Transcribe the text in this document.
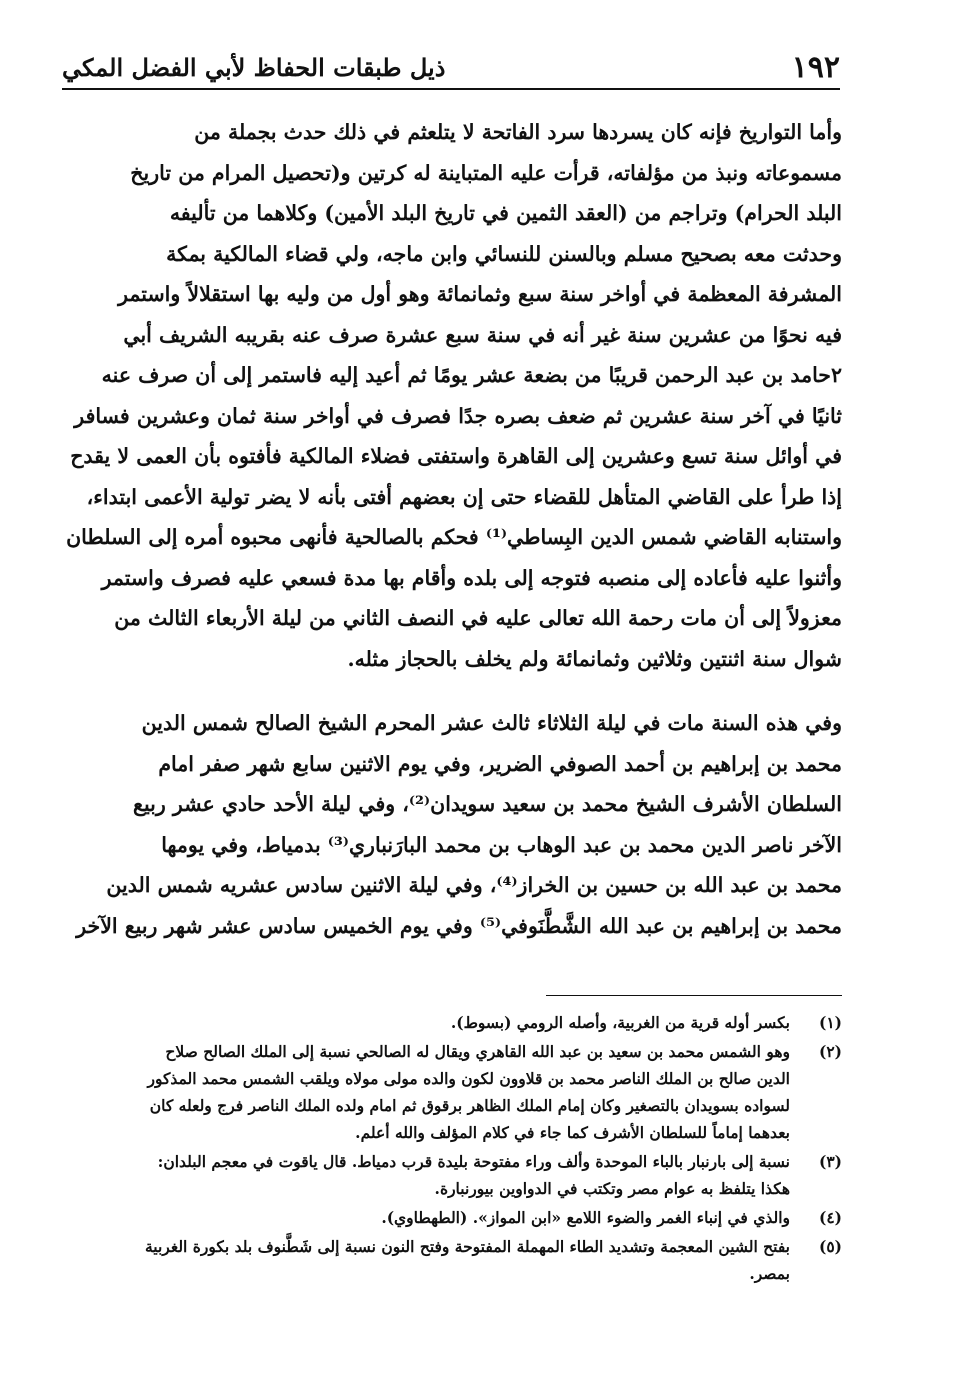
١٩٢
ذيل طبقات الحفاظ لأبي الفضل المكي

وأما التواريخ فإنه كان يسردها سرد الفاتحة لا يتلعثم في ذلك حدث بجملة من
مسموعاته ونبذ من مؤلفاته، قرأت عليه المتباينة له كرتين و(تحصيل المرام من تاريخ
البلد الحرام) وتراجم من (العقد الثمين في تاريخ البلد الأمين) وكلاهما من تأليفه
وحدثت معه بصحيح مسلم وبالسنن للنسائي وابن ماجه، ولي قضاء المالكية بمكة
المشرفة المعظمة في أواخر سنة سبع وثمانمائة وهو أول من وليه بها استقلالاً واستمر
فيه نحوًا من عشرين سنة غير أنه في سنة سبع عشرة صرف عنه بقريبه الشريف أبي
٢حامد بن عبد الرحمن قريبًا من بضعة عشر يومًا ثم أعيد إليه فاستمر إلى أن صرف عنه
ثانيًا في آخر سنة عشرين ثم ضعف بصره جدًا فصرف في أواخر سنة ثمان وعشرين فسافر
في أوائل سنة تسع وعشرين إلى القاهرة واستفتى فضلاء المالكية فأفتوه بأن العمى لا يقدح
إذا طرأ على القاضي المتأهل للقضاء حتى إن بعضهم أفتى بأنه لا يضر تولية الأعمى ابتداء،
واستنابه القاضي شمس الدين البِساطي⁽¹⁾ فحكم بالصالحية فأنهى محبوه أمره إلى السلطان
وأثنوا عليه فأعاده إلى منصبه فتوجه إلى بلده وأقام بها مدة فسعي عليه فصرف واستمر
معزولاً إلى أن مات رحمة الله تعالى عليه في النصف الثاني من ليلة الأربعاء الثالث من
شوال سنة اثنتين وثلاثين وثمانمائة ولم يخلف بالحجاز مثله.

وفي هذه السنة مات في ليلة الثلاثاء ثالث عشر المحرم الشيخ الصالح شمس الدين
محمد بن إبراهيم بن أحمد الصوفي الضرير، وفي يوم الاثنين سابع شهر صفر امام
السلطان الأشرف الشيخ محمد بن سعيد سويدان⁽²⁾، وفي ليلة الأحد حادي عشر ربيع
الآخر ناصر الدين محمد بن عبد الوهاب بن محمد البارَنباري⁽³⁾ بدمياط، وفي يومها
محمد بن عبد الله بن حسين بن الخراز⁽⁴⁾، وفي ليلة الاثنين سادس عشريه شمس الدين
محمد بن إبراهيم بن عبد الله الشَّطَّنَوفي⁽⁵⁾ وفي يوم الخميس سادس عشر شهر ربيع الآخر

(١)
بكسر أوله قرية من الغربية، وأصله الرومي (بسوط).
(٢)
وهو الشمس محمد بن سعيد بن عبد الله القاهري ويقال له الصالحي نسبة إلى الملك الصالح صلاح
الدين صالح بن الملك الناصر محمد بن قلاوون لكون والده مولى مولاه ويلقب الشمس محمد المذكور
لسواده بسويدان بالتصغير وكان إمام الملك الظاهر برقوق ثم امام ولده الملك الناصر فرج ولعله كان
بعدهما إماماً للسلطان الأشرف كما جاء في كلام المؤلف والله أعلم.
(٣)
نسبة إلى بارنبار بالباء الموحدة وألف وراء مفتوحة بليدة قرب دمياط. قال ياقوت في معجم البلدان:
هكذا يتلفظ به عوام مصر وتكتب في الدواوين بيورنبارة.
(٤)
والذي في إنباء الغمر والضوء اللامع «ابن المواز». (الطهطاوي).
(٥)
بفتح الشين المعجمة وتشديد الطاء المهملة المفتوحة وفتح النون نسبة إلى شَطَّنوف بلد بكورة الغربية
بمصر.
